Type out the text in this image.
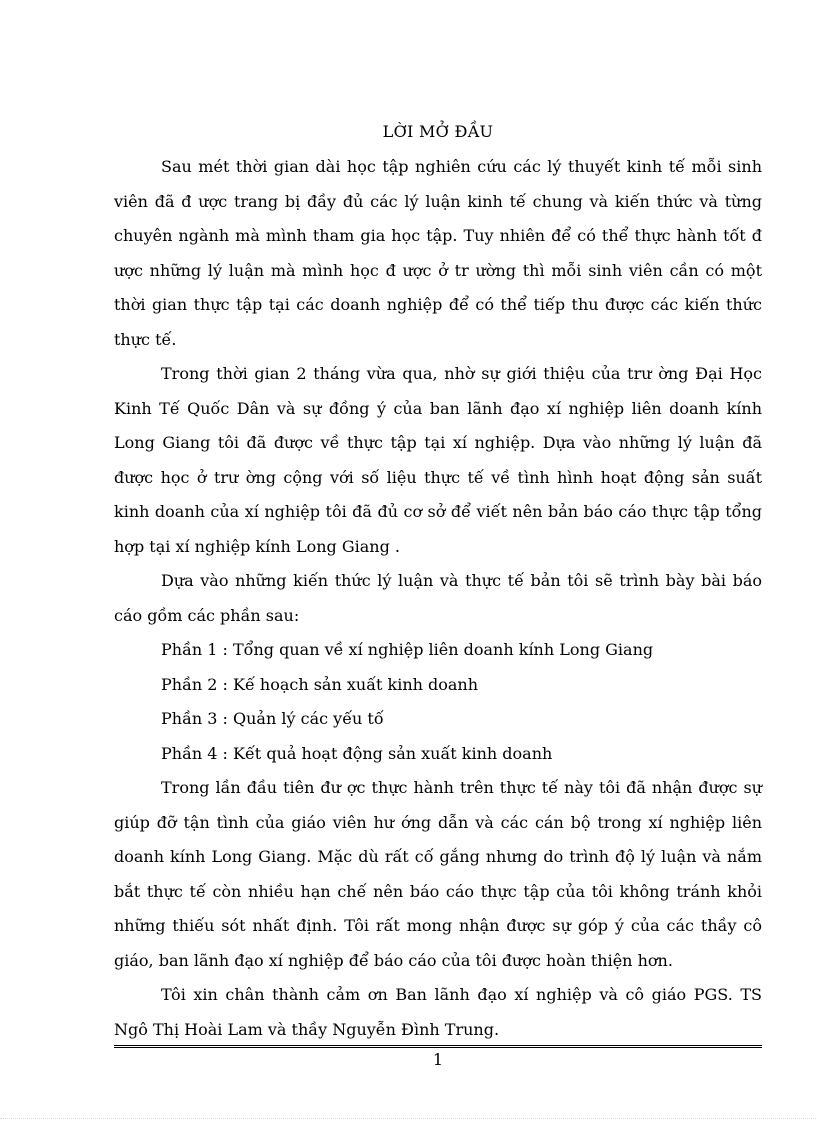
LỜI MỞ ĐẦU

Sau mét thời gian dài học tập nghiên cứu các lý thuyết kinh tế mỗi sinh viên đã đ ược trang bị đầy đủ các lý luận kinh tế chung và kiến thức và từng chuyên ngành mà mình tham gia học tập. Tuy nhiên để có thể thực hành tốt đ ược những lý luận mà mình học đ ược ở tr ường thì mỗi sinh viên cần có một thời gian thực tập tại các doanh nghiệp để có thể tiếp thu được các kiến thức thực tế.

Trong thời gian 2 tháng vừa qua, nhờ sự giới thiệu của trư ờng Đại Học Kinh Tế Quốc Dân và sự đồng ý của ban lãnh đạo xí nghiệp liên doanh kính Long Giang tôi đã được về thực tập tại xí nghiệp. Dựa vào những lý luận đã được học ở trư ờng cộng với số liệu thực tế về tình hình hoạt động sản suất kinh doanh của xí nghiệp tôi đã đủ cơ sở để viết nên bản báo cáo thực tập tổng hợp tại xí nghiệp kính Long Giang .

Dựa vào những kiến thức lý luận và thực tế bản tôi sẽ trình bày bài báo cáo gồm các phần sau:

Phần 1 : Tổng quan về xí nghiệp liên doanh kính Long Giang

Phần 2 : Kế hoạch sản xuất kinh doanh

Phần 3 : Quản lý các yếu tố

Phần 4 : Kết quả hoạt động sản xuất kinh doanh

Trong lần đầu tiên đư ợc thực hành trên thực tế này tôi đã nhận được sự giúp đỡ tận tình của giáo viên hư ớng dẫn và các cán bộ trong xí nghiệp liên doanh kính Long Giang. Mặc dù rất cố gắng nhưng do trình độ lý luận và nắm bắt thực tế còn nhiều hạn chế nên báo cáo thực tập của tôi không tránh khỏi những thiếu sót nhất định. Tôi rất mong nhận được sự góp ý của các thầy cô giáo, ban lãnh đạo xí nghiệp để báo cáo của tôi được hoàn thiện hơn.

Tôi xin chân thành cảm ơn Ban lãnh đạo xí nghiệp và cô giáo PGS. TS Ngô Thị Hoài Lam và thầy Nguyễn Đình Trung.

1
